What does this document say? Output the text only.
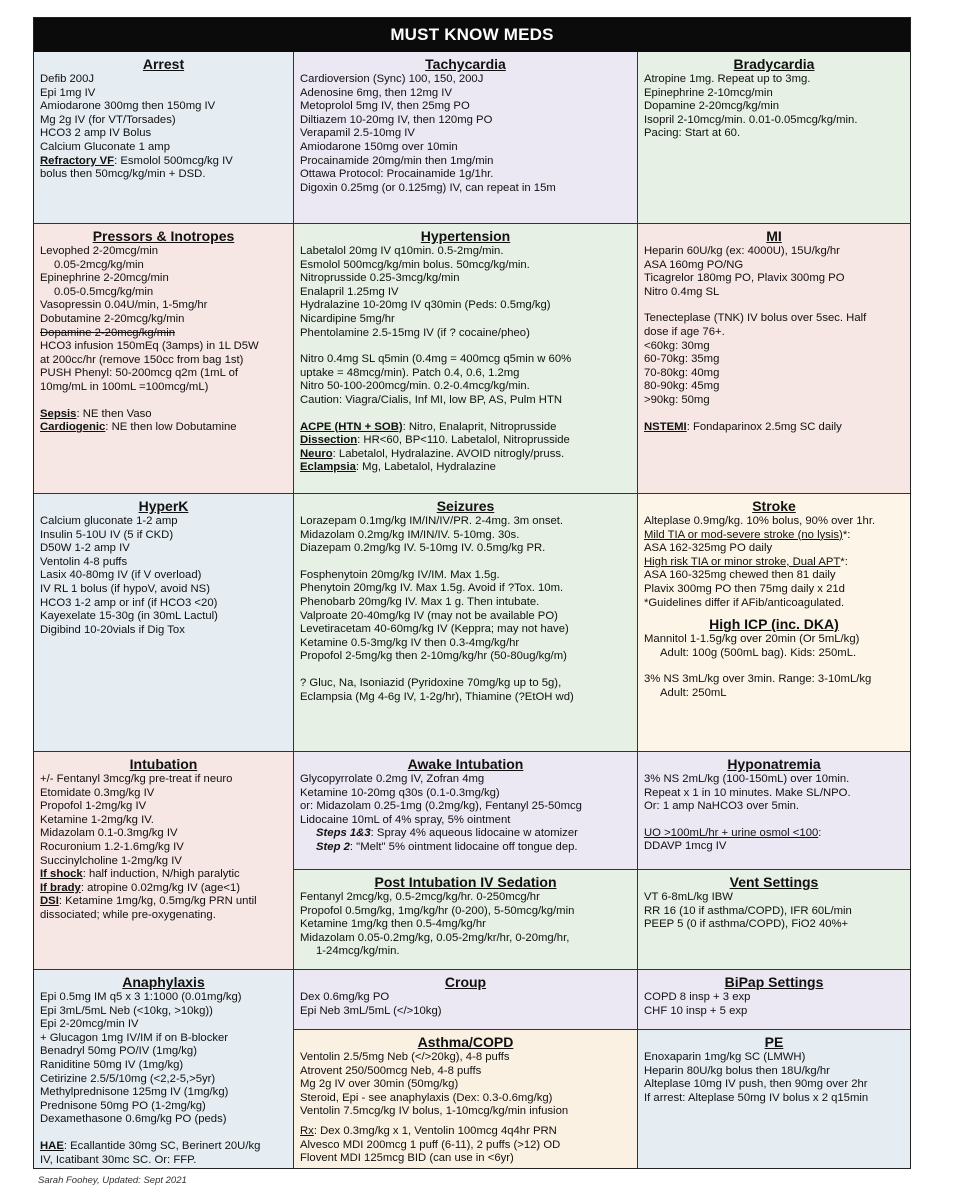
MUST KNOW MEDS
Arrest
Defib 200J
Epi 1mg IV
Amiodarone 300mg then 150mg IV
Mg 2g IV (for VT/Torsades)
HCO3 2 amp IV Bolus
Calcium Gluconate 1 amp
Refractory VF: Esmolol 500mcg/kg IV
bolus then 50mcg/kg/min + DSD.
Tachycardia
Cardioversion (Sync) 100, 150, 200J
Adenosine 6mg, then 12mg IV
Metoprolol 5mg IV, then 25mg PO
Diltiazem 10-20mg IV, then 120mg PO
Verapamil 2.5-10mg IV
Amiodarone 150mg over 10min
Procainamide 20mg/min then 1mg/min
Ottawa Protocol: Procainamide 1g/1hr.
Digoxin 0.25mg (or 0.125mg) IV, can repeat in 15m
Bradycardia
Atropine 1mg. Repeat up to 3mg.
Epinephrine 2-10mcg/min
Dopamine 2-20mcg/kg/min
Isopril 2-10mcg/min. 0.01-0.05mcg/kg/min.
Pacing: Start at 60.
Pressors & Inotropes
Levophed 2-20mcg/min
0.05-2mcg/kg/min
Epinephrine 2-20mcg/min
0.05-0.5mcg/kg/min
Vasopressin 0.04U/min, 1-5mg/hr
Dobutamine 2-20mcg/kg/min
Dopamine 2-20mcg/kg/min
HCO3 infusion 150mEq (3amps) in 1L D5W
at 200cc/hr (remove 150cc from bag 1st)
PUSH Phenyl: 50-200mcg q2m (1mL of
10mg/mL in 100mL =100mcg/mL)
Sepsis: NE then Vaso
Cardiogenic: NE then low Dobutamine
Hypertension
Labetalol 20mg IV q10min. 0.5-2mg/min.
Esmolol 500mcg/kg/min bolus. 50mcg/kg/min.
Nitroprusside 0.25-3mcg/kg/min
Enalapril 1.25mg IV
Hydralazine 10-20mg IV q30min (Peds: 0.5mg/kg)
Nicardipine 5mg/hr
Phentolamine 2.5-15mg IV (if ? cocaine/pheo)
Nitro 0.4mg SL q5min (0.4mg = 400mcg q5min w 60%
uptake = 48mcg/min). Patch 0.4, 0.6, 1.2mg
Nitro 50-100-200mcg/min. 0.2-0.4mcg/kg/min.
Caution: Viagra/Cialis, Inf MI, low BP, AS, Pulm HTN
ACPE (HTN + SOB): Nitro, Enalaprit, Nitroprusside
Dissection: HR<60, BP<110. Labetalol, Nitroprusside
Neuro: Labetalol, Hydralazine. AVOID nitrogly/pruss.
Eclampsia: Mg, Labetalol, Hydralazine
MI
Heparin 60U/kg (ex: 4000U), 15U/kg/hr
ASA 160mg PO/NG
Ticagrelor 180mg PO, Plavix 300mg PO
Nitro 0.4mg SL
Tenecteplase (TNK) IV bolus over 5sec. Half
dose if age 76+.
<60kg: 30mg
60-70kg: 35mg
70-80kg: 40mg
80-90kg: 45mg
>90kg: 50mg
NSTEMI: Fondaparinox 2.5mg SC daily
HyperK
Calcium gluconate 1-2 amp
Insulin 5-10U IV (5 if CKD)
D50W 1-2 amp IV
Ventolin 4-8 puffs
Lasix 40-80mg IV (if V overload)
IV RL 1 bolus (if hypoV, avoid NS)
HCO3 1-2 amp or inf (if HCO3 <20)
Kayexelate 15-30g (in 30mL Lactul)
Digibind 10-20vials if Dig Tox
Seizures
Lorazepam 0.1mg/kg IM/IN/IV/PR. 2-4mg. 3m onset.
Midazolam 0.2mg/kg IM/IN/IV. 5-10mg. 30s.
Diazepam 0.2mg/kg IV. 5-10mg IV. 0.5mg/kg PR.
Fosphenytoin 20mg/kg IV/IM. Max 1.5g.
Phenytoin 20mg/kg IV. Max 1.5g. Avoid if ?Tox. 10m.
Phenobarb 20mg/kg IV. Max 1 g. Then intubate.
Valproate 20-40mg/kg IV (may not be available PO)
Levetiracetam 40-60mg/kg IV (Keppra; may not have)
Ketamine 0.5-3mg/kg IV then 0.3-4mg/kg/hr
Propofol 2-5mg/kg then 2-10mg/kg/hr (50-80ug/kg/m)
? Gluc, Na, Isoniazid (Pyridoxine 70mg/kg up to 5g),
Eclampsia (Mg 4-6g IV, 1-2g/hr), Thiamine (?EtOH wd)
Stroke
Alteplase 0.9mg/kg. 10% bolus, 90% over 1hr.
Mild TIA or mod-severe stroke (no lysis)*:
ASA 162-325mg PO daily
High risk TIA or minor stroke, Dual APT*:
ASA 160-325mg chewed then 81 daily
Plavix 300mg PO then 75mg daily x 21d
*Guidelines differ if AFib/anticoagulated.
High ICP (inc. DKA)
Mannitol 1-1.5g/kg over 20min (Or 5mL/kg)
Adult: 100g (500mL bag). Kids: 250mL.
3% NS 3mL/kg over 3min. Range: 3-10mL/kg
Adult: 250mL
Intubation
+/- Fentanyl 3mcg/kg pre-treat if neuro
Etomidate 0.3mg/kg IV
Propofol 1-2mg/kg IV
Ketamine 1-2mg/kg IV.
Midazolam 0.1-0.3mg/kg IV
Rocuronium 1.2-1.6mg/kg IV
Succinylcholine 1-2mg/kg IV
If shock: half induction, N/high paralytic
If brady: atropine 0.02mg/kg IV (age<1)
DSI: Ketamine 1mg/kg, 0.5mg/kg PRN until
dissociated; while pre-oxygenating.
Awake Intubation
Glycopyrrolate 0.2mg IV, Zofran 4mg
Ketamine 10-20mg q30s (0.1-0.3mg/kg)
or: Midazolam 0.25-1mg (0.2mg/kg), Fentanyl 25-50mcg
Lidocaine 10mL of 4% spray, 5% ointment
Steps 1&3: Spray 4% aqueous lidocaine w atomizer
Step 2: "Melt" 5% ointment lidocaine off tongue dep.
Hyponatremia
3% NS 2mL/kg (100-150mL) over 10min.
Repeat x 1 in 10 minutes. Make SL/NPO.
Or: 1 amp NaHCO3 over 5min.
UO >100mL/hr + urine osmol <100:
DDAVP 1mcg IV
Post Intubation IV Sedation
Fentanyl 2mcg/kg, 0.5-2mcg/kg/hr. 0-250mcg/hr
Propofol 0.5mg/kg, 1mg/kg/hr (0-200), 5-50mcg/kg/min
Ketamine 1mg/kg then 0.5-4mg/kg/hr
Midazolam 0.05-0.2mg/kg, 0.05-2mg/kr/hr, 0-20mg/hr,
1-24mcg/kg/min.
Vent Settings
VT 6-8mL/kg IBW
RR 16 (10 if asthma/COPD), IFR 60L/min
PEEP 5 (0 if asthma/COPD), FiO2 40%+
Anaphylaxis
Epi 0.5mg IM q5 x 3 1:1000 (0.01mg/kg)
Epi 3mL/5mL Neb (<10kg, >10kg))
Epi 2-20mcg/min IV
+ Glucagon 1mg IV/IM if on B-blocker
Benadryl 50mg PO/IV (1mg/kg)
Raniditine 50mg IV (1mg/kg)
Cetirizine 2.5/5/10mg (<2,2-5,>5yr)
Methylprednisone 125mg IV (1mg/kg)
Prednisone 50mg PO (1-2mg/kg)
Dexamethasone 0.6mg/kg PO (peds)
HAE: Ecallantide 30mg SC, Berinert 20U/kg
IV, Icatibant 30mc SC. Or: FFP.
Croup
Dex 0.6mg/kg PO
Epi Neb 3mL/5mL (</>10kg)
BiPap Settings
COPD 8 insp + 3 exp
CHF 10 insp + 5 exp
Asthma/COPD
Ventolin 2.5/5mg Neb (</>20kg), 4-8 puffs
Atrovent 250/500mcg Neb, 4-8 puffs
Mg 2g IV over 30min (50mg/kg)
Steroid, Epi - see anaphylaxis (Dex: 0.3-0.6mg/kg)
Ventolin 7.5mcg/kg IV bolus, 1-10mcg/kg/min infusion
Rx: Dex 0.3mg/kg x 1, Ventolin 100mcg 4q4hr PRN
Alvesco MDI 200mcg 1 puff (6-11), 2 puffs (>12) OD
Flovent MDI 125mcg BID (can use in <6yr)
PE
Enoxaparin 1mg/kg SC (LMWH)
Heparin 80U/kg bolus then 18U/kg/hr
Alteplase 10mg IV push, then 90mg over 2hr
If arrest: Alteplase 50mg IV bolus x 2 q15min
Sarah Foohey, Updated: Sept 2021
